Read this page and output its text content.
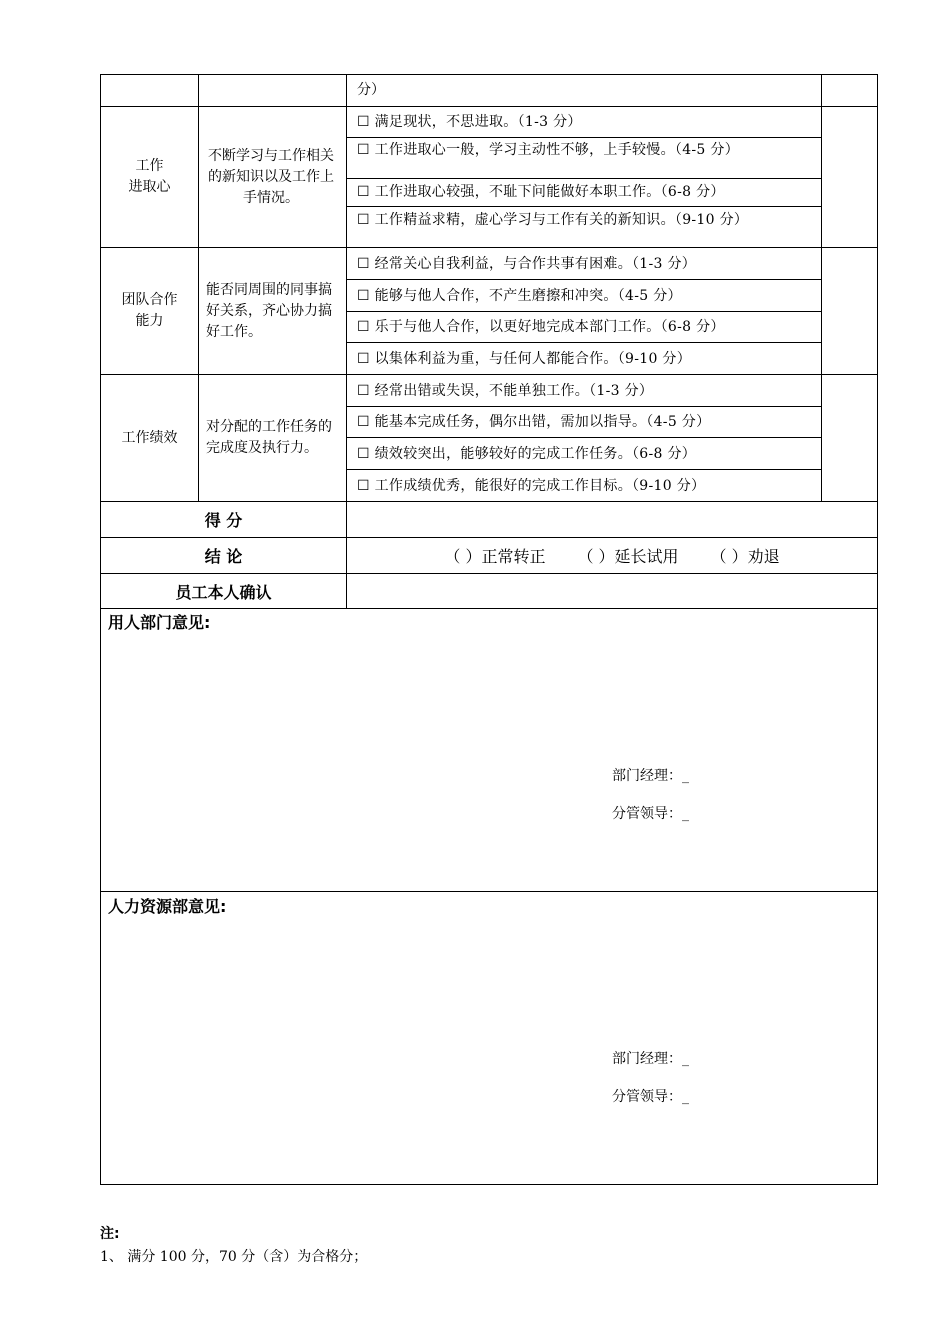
分）
工作
进取心
不断学习与工作相关的新知识以及工作上手情况。
☐ 满足现状，不思进取。（1-3 分）
☐ 工作进取心一般，学习主动性不够，上手较慢。（4-5 分）
☐ 工作进取心较强，不耻下问能做好本职工作。（6-8 分）
☐ 工作精益求精，虚心学习与工作有关的新知识。（9-10 分）
团队合作
能力
能否同周围的同事搞好关系，齐心协力搞好工作。
☐ 经常关心自我利益，与合作共事有困难。（1-3 分）
☐ 能够与他人合作，不产生磨擦和冲突。（4-5 分）
☐ 乐于与他人合作，以更好地完成本部门工作。（6-8 分）
☐ 以集体利益为重，与任何人都能合作。（9-10 分）
工作绩效
对分配的工作任务的完成度及执行力。
☐ 经常出错或失误，不能单独工作。（1-3 分）
☐ 能基本完成任务，偶尔出错，需加以指导。（4-5 分）
☐ 绩效较突出，能够较好的完成工作任务。（6-8 分）
☐ 工作成绩优秀，能很好的完成工作目标。（9-10 分）
得 分
结 论	（ ）正常转正 （ ）延长试用 （ ）劝退
员工本人确认
用人部门意见:
部门经理：_
分管领导：_
人力资源部意见:
部门经理：_
分管领导：_
注:
1、 满分 100 分，70 分（含）为合格分；
